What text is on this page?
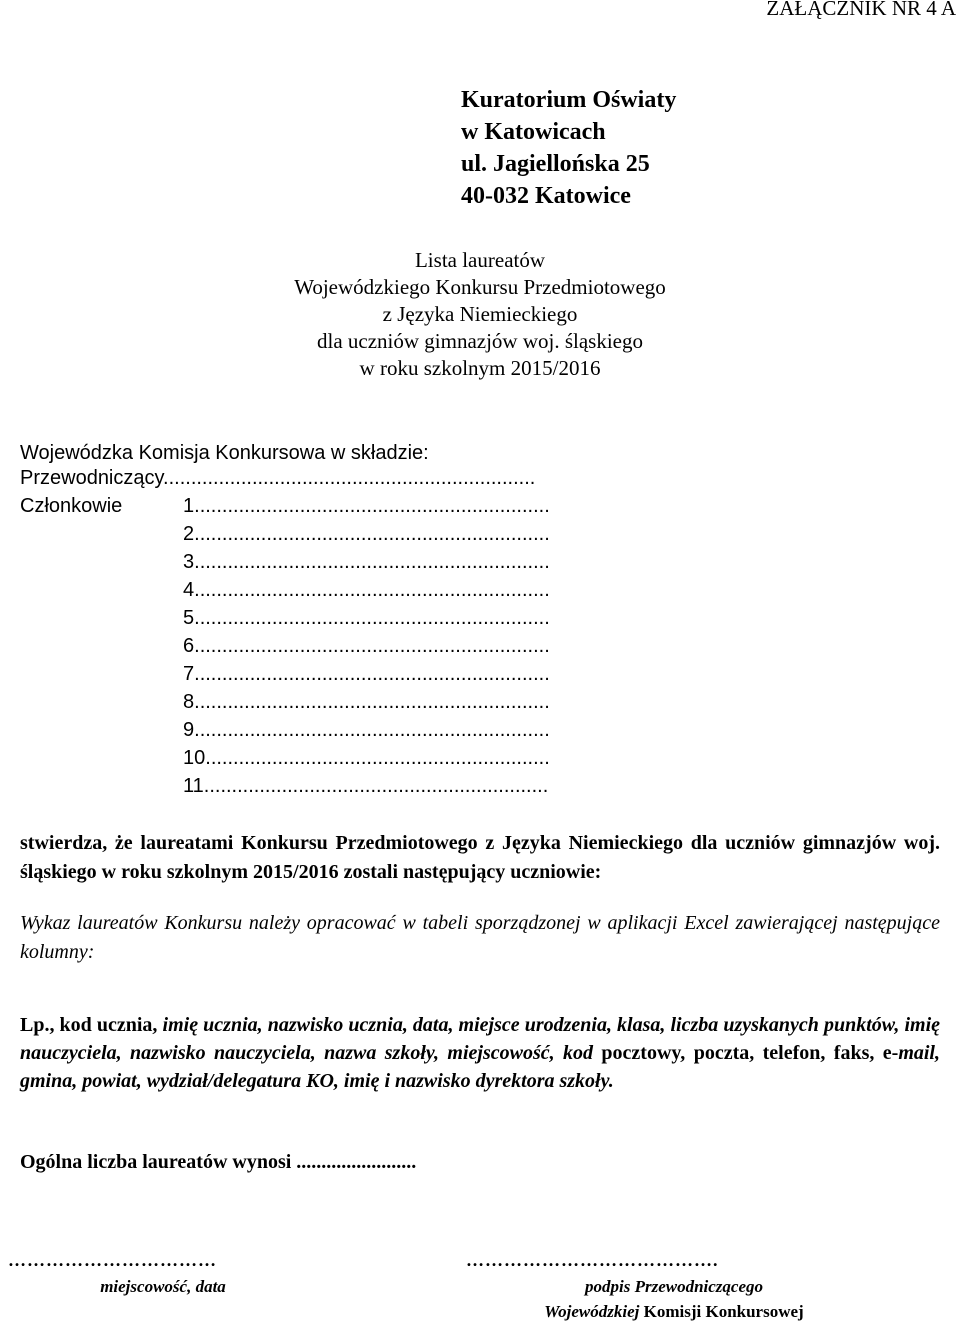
ZAŁĄCZNIK NR 4 A
Kuratorium Oświaty
w Katowicach
ul. Jagiellońska 25
40-032 Katowice
Lista laureatów
Wojewódzkiego Konkursu Przedmiotowego
z Języka Niemieckiego
dla uczniów gimnazjów woj. śląskiego
w roku szkolnym 2015/2016
Wojewódzka Komisja Konkursowa w składzie:
Przewodniczący...................................................................
Członkowie	1................................................................
2................................................................
3................................................................
4................................................................
5................................................................
6................................................................
7................................................................
8................................................................
9................................................................
10..............................................................
11..............................................................
stwierdza, że laureatami Konkursu Przedmiotowego z Języka Niemieckiego dla uczniów gimnazjów woj. śląskiego w roku szkolnym 2015/2016 zostali następujący uczniowie:
Wykaz laureatów Konkursu należy opracować w tabeli sporządzonej w aplikacji Excel zawierającej następujące kolumny:
Lp., kod ucznia, imię ucznia, nazwisko ucznia, data, miejsce urodzenia, klasa, liczba uzyskanych punktów, imię nauczyciela, nazwisko nauczyciela, nazwa szkoły, miejscowość, kod pocztowy, poczta, telefon, faks, e-mail, gmina, powiat, wydział/delegatura KO, imię i nazwisko dyrektora szkoły.
Ogólna liczba laureatów wynosi ........................
……………………………	………………………………….
miejscowość, data	podpis Przewodniczącego
Wojewódzkiej Komisji Konkursowej
